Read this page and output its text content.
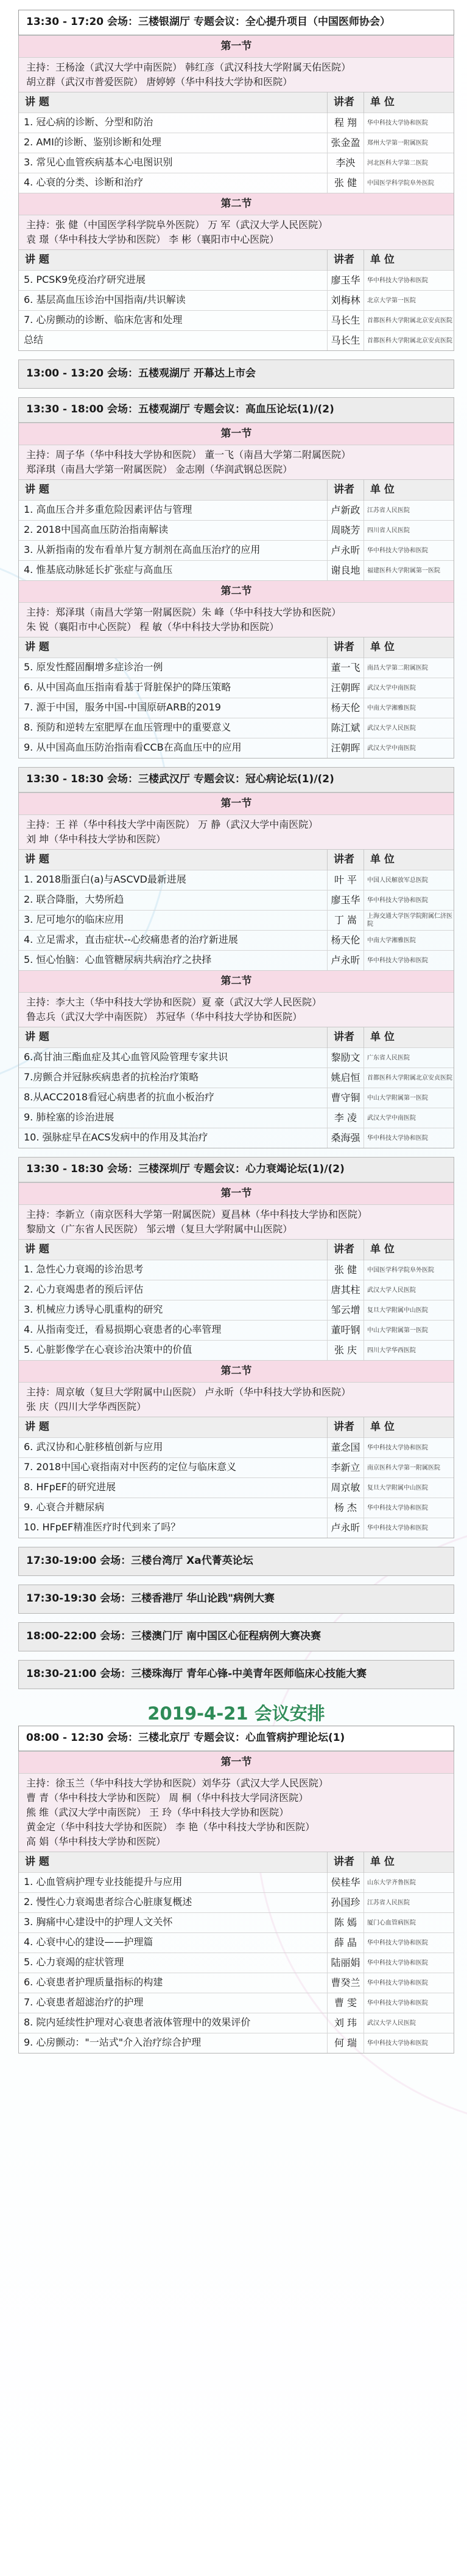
13:30 - 17:20 会场：三楼银湖厅 专题会议：全心提升项目（中国医师协会）
第一节
主持：王杨淦（武汉大学中南医院） 韩红彦（武汉科技大学附属天佑医院）
胡立群（武汉市普爱医院） 唐婷婷（华中科技大学协和医院）
讲 题	讲者	单 位
1. 冠心病的诊断、分型和防治	程 翔	华中科技大学协和医院
2. AMI的诊断、鉴别诊断和处理	张金盈	郑州大学第一附属医院
3. 常见心血管疾病基本心电图识别	李泱	河北医科大学第二医院
4. 心衰的分类、诊断和治疗	张 健	中国医学科学院阜外医院
第二节
主持：张 健（中国医学科学院阜外医院） 万 军（武汉大学人民医院）
袁 璟（华中科技大学协和医院） 李 彬（襄阳市中心医院）
讲 题	讲者	单 位
5. PCSK9免疫治疗研究进展	廖玉华	华中科技大学协和医院
6. 基层高血压诊治中国指南/共识解读	刘梅林	北京大学第一医院
7. 心房颤动的诊断、临床危害和处理	马长生	首都医科大学附属北京安贞医院
总结	马长生	首都医科大学附属北京安贞医院
13:00 - 13:20 会场：五楼观湖厅 开幕达上市会
13:30 - 18:00 会场：五楼观湖厅 专题会议：高血压论坛(1)/(2)
第一节
主持：周子华（华中科技大学协和医院） 董一飞（南昌大学第二附属医院）
郑泽琪（南昌大学第一附属医院） 金志刚（华润武钢总医院）
讲 题	讲者	单 位
1. 高血压合并多重危险因素评估与管理	卢新政	江苏省人民医院
2. 2018中国高血压防治指南解读	周晓芳	四川省人民医院
3. 从新指南的发布看单片复方制剂在高血压治疗的应用	卢永昕	华中科技大学协和医院
4. 惟基底动脉延长扩张症与高血压	谢良地	福建医科大学附属第一医院
第二节
主持：郑泽琪（南昌大学第一附属医院）朱 峰（华中科技大学协和医院）
朱 锐（襄阳市中心医院） 程 敏（华中科技大学协和医院）
讲 题	讲者	单 位
5. 原发性醛固酮增多症诊治一例	董一飞	南昌大学第二附属医院
6. 从中国高血压指南看基于肾脏保护的降压策略	汪朝晖	武汉大学中南医院
7. 源于中国，服务中国-中国原研ARB的2019	杨天伦	中南大学湘雅医院
8. 预防和逆转左室肥厚在血压管理中的重要意义	陈江斌	武汉大学人民医院
9. 从中国高血压防治指南看CCB在高血压中的应用	汪朝晖	武汉大学中南医院
13:30 - 18:30 会场：三楼武汉厅 专题会议：冠心病论坛(1)/(2)
第一节
主持：王 祥（华中科技大学中南医院） 万 静（武汉大学中南医院）
刘 坤（华中科技大学协和医院）
讲 题	讲者	单 位
1. 2018脂蛋白(a)与ASCVD最新进展	叶 平	中国人民解放军总医院
2. 联合降脂，大势所趋	廖玉华	华中科技大学协和医院
3. 尼可地尔的临床应用	丁 嵩	上海交通大学医学院附属仁济医院
4. 立足需求，直击症状--心绞痛患者的治疗新进展	杨天伦	中南大学湘雅医院
5. 恒心怡脑：心血管糖尿病共病治疗之抉择	卢永昕	华中科技大学协和医院
第二节
主持：李大主（华中科技大学协和医院）夏 豪（武汉大学人民医院）
鲁志兵（武汉大学中南医院） 苏冠华（华中科技大学协和医院）
讲 题	讲者	单 位
6.高甘油三酯血症及其心血管风险管理专家共识	黎励文	广东省人民医院
7.房颤合并冠脉疾病患者的抗栓治疗策略	姚启恒	首都医科大学附属北京安贞医院
8.从ACC2018看冠心病患者的抗血小板治疗	曹守铜	中山大学附属第一医院
9. 肺栓塞的诊治进展	李 凌	武汉大学中南医院
10. 强脉症早在ACS发病中的作用及其治疗	桑海强	华中科技大学协和医院
13:30 - 18:30 会场：三楼深圳厅 专题会议：心力衰竭论坛(1)/(2)
第一节
主持：李新立（南京医科大学第一附属医院）夏昌林（华中科技大学协和医院）
黎励文（广东省人民医院） 邹云增（复旦大学附属中山医院）
讲 题	讲者	单 位
1. 急性心力衰竭的诊治思考	张 健	中国医学科学院阜外医院
2. 心力衰竭患者的预后评估	唐其柱	武汉大学人民医院
3. 机械应力诱导心肌重构的研究	邹云增	复旦大学附属中山医院
4. 从指南变迁，看易损期心衰患者的心率管理	董吁钢	中山大学附属第一医院
5. 心脏影像学在心衰诊治决策中的价值	张 庆	四川大学华西医院
第二节
主持：周京敏（复旦大学附属中山医院） 卢永昕（华中科技大学协和医院）
张 庆（四川大学华西医院）
讲 题	讲者	单 位
6. 武汉协和心脏移植创新与应用	董念国	华中科技大学协和医院
7. 2018中国心衰指南对中医药的定位与临床意义	李新立	南京医科大学第一附属医院
8. HFpEF的研究进展	周京敏	复旦大学附属中山医院
9. 心衰合并糖尿病	杨 杰	华中科技大学协和医院
10. HFpEF精准医疗时代到来了吗？	卢永昕	华中科技大学协和医院
17:30-19:00 会场：三楼台湾厅 Xa代菁英论坛
17:30-19:30 会场：三楼香港厅 华山论践"病例大赛
18:00-22:00 会场：三楼澳门厅 南中国区心征程病例大赛决赛
18:30-21:00 会场：三楼珠海厅 青年心锋-中美青年医师临床心技能大赛
2019-4-21 会议安排
08:00 - 12:30 会场：三楼北京厅 专题会议：心血管病护理论坛(1)
第一节
主持：徐玉兰（华中科技大学协和医院）刘华芬（武汉大学人民医院）
曹 青（华中科技大学协和医院） 周 桐（华中科技大学同济医院）
熊 维（武汉大学中南医院） 王 玲（华中科技大学协和医院）
黄金定（华中科技大学协和医院） 李 艳（华中科技大学协和医院）
高 娟（华中科技大学协和医院）
讲 题	讲者	单 位
1. 心血管病护理专业技能提升与应用	侯桂华	山东大学齐鲁医院
2. 慢性心力衰竭患者综合心脏康复概述	孙国珍	江苏省人民医院
3. 胸痛中心建设中的护理人文关怀	陈 嫣	厦门心血管病医院
4. 心衰中心的建设——护理篇	薛 晶	华中科技大学协和医院
5. 心力衰竭的症状管理	陆丽娟	华中科技大学协和医院
6. 心衰患者护理质量指标的构建	曹癸兰	华中科技大学协和医院
7. 心衰患者超滤治疗的护理	曹 雯	华中科技大学协和医院
8. 院内延续性护理对心衰患者液体管理中的效果评价	刘 玮	武汉大学人民医院
9. 心房颤动："一站式"介入治疗综合护理	何 瑞	华中科技大学协和医院
